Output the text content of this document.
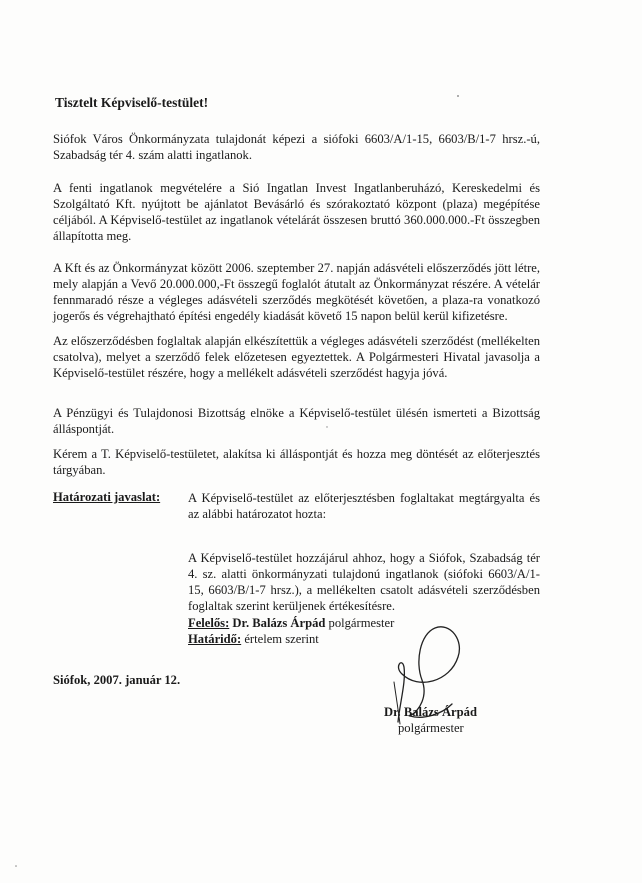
Tisztelt Képviselő-testület!

Siófok Város Önkormányzata tulajdonát képezi a siófoki 6603/A/1-15, 6603/B/1-7 hrsz.-ú, Szabadság tér 4. szám alatti ingatlanok.

A fenti ingatlanok megvételére a Sió Ingatlan Invest Ingatlanberuházó, Kereskedelmi és Szolgáltató Kft. nyújtott be ajánlatot Bevásárló és szórakoztató központ (plaza) megépítése céljából. A Képviselő-testület az ingatlanok vételárát összesen bruttó 360.000.000.-Ft összegben állapította meg.

A Kft és az Önkormányzat között 2006. szeptember 27. napján adásvételi előszerződés jött létre, mely alapján a Vevő 20.000.000,-Ft összegű foglalót átutalt az Önkormányzat részére. A vételár fennmaradó része a végleges adásvételi szerződés megkötését követően, a plaza-ra vonatkozó jogerős és végrehajtható építési engedély kiadását követő 15 napon belül kerül kifizetésre.

Az előszerződésben foglaltak alapján elkészítettük a végleges adásvételi szerződést (mellékelten csatolva), melyet a szerződő felek előzetesen egyeztettek. A Polgármesteri Hivatal javasolja a Képviselő-testület részére, hogy a mellékelt adásvételi szerződést hagyja jóvá.

A Pénzügyi és Tulajdonosi Bizottság elnöke a Képviselő-testület ülésén ismerteti a Bizottság álláspontját.

Kérem a T. Képviselő-testületet, alakítsa ki álláspontját és hozza meg döntését az előterjesztés tárgyában.

Határozati javaslat: A Képviselő-testület az előterjesztésben foglaltakat megtárgyalta és az alábbi határozatot hozta:

A Képviselő-testület hozzájárul ahhoz, hogy a Siófok, Szabadság tér 4. sz. alatti önkormányzati tulajdonú ingatlanok (siófoki 6603/A/1-15, 6603/B/1-7 hrsz.), a mellékelten csatolt adásvételi szerződésben foglaltak szerint kerüljenek értékesítésre.

Felelős: Dr. Balázs Árpád polgármester

Határidő: értelem szerint

Siófok, 2007. január 12.

Dr. Balázs Árpád

polgármester
